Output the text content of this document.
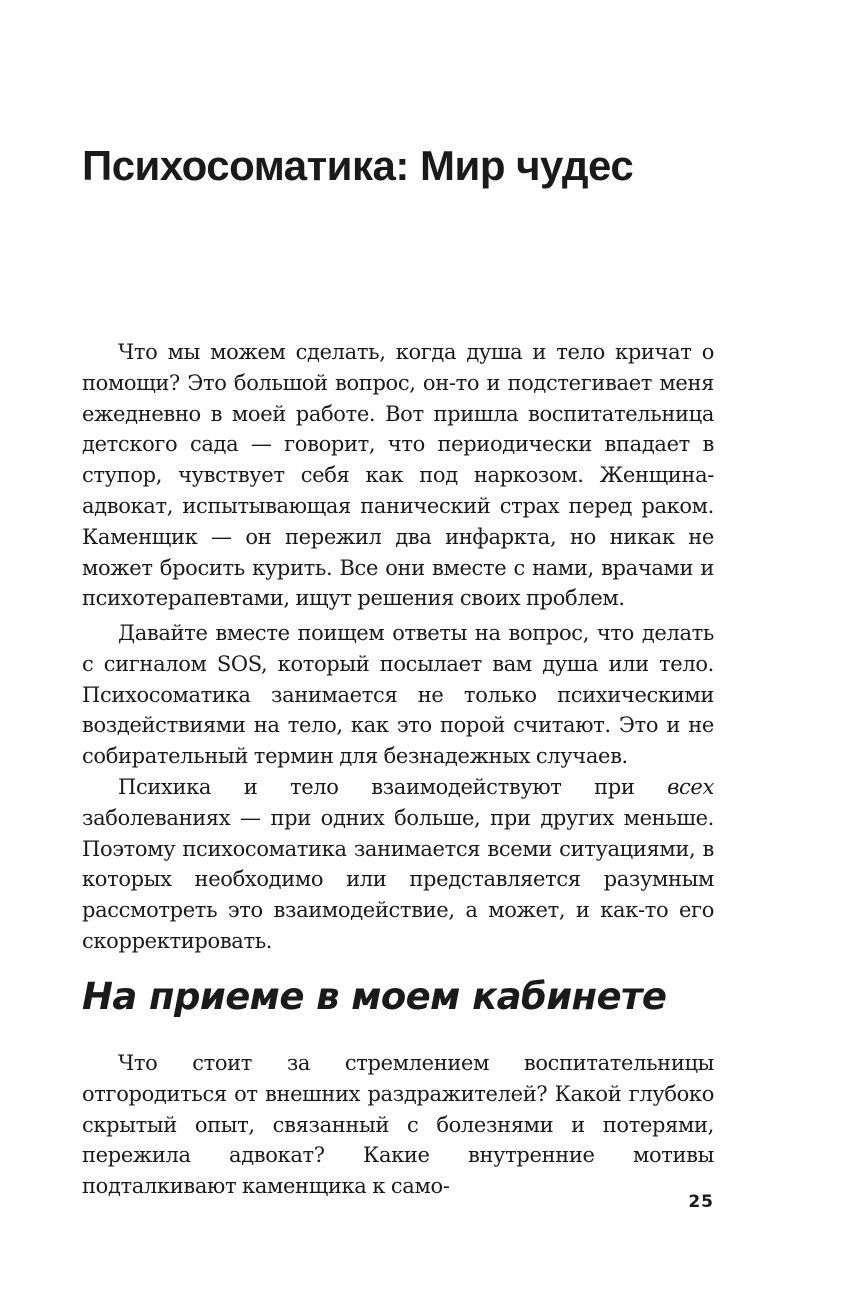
Психосоматика: Мир чудес

Что мы можем сделать, когда душа и тело кричат о помощи? Это большой вопрос, он-то и подстегивает меня ежедневно в моей работе. Вот пришла воспитательница детского сада — говорит, что периодически впадает в ступор, чувствует себя как под наркозом. Женщина-адвокат, испытывающая панический страх перед раком. Каменщик — он пережил два инфаркта, но никак не может бросить курить. Все они вместе с нами, врачами и психотерапевтами, ищут решения своих проблем.

Давайте вместе поищем ответы на вопрос, что делать с сигналом SOS, который посылает вам душа или тело. Психосоматика занимается не только психическими воздействиями на тело, как это порой считают. Это и не собирательный термин для безнадежных случаев.

Психика и тело взаимодействуют при всех заболеваниях — при одних больше, при других меньше. Поэтому психосоматика занимается всеми ситуациями, в которых необходимо или представляется разумным рассмотреть это взаимодействие, а может, и как-то его скорректировать.

На приеме в моем кабинете

Что стоит за стремлением воспитательницы отгородиться от внешних раздражителей? Какой глубоко скрытый опыт, связанный с болезнями и потерями, пережила адвокат? Какие внутренние мотивы подталкивают каменщика к само-

25
